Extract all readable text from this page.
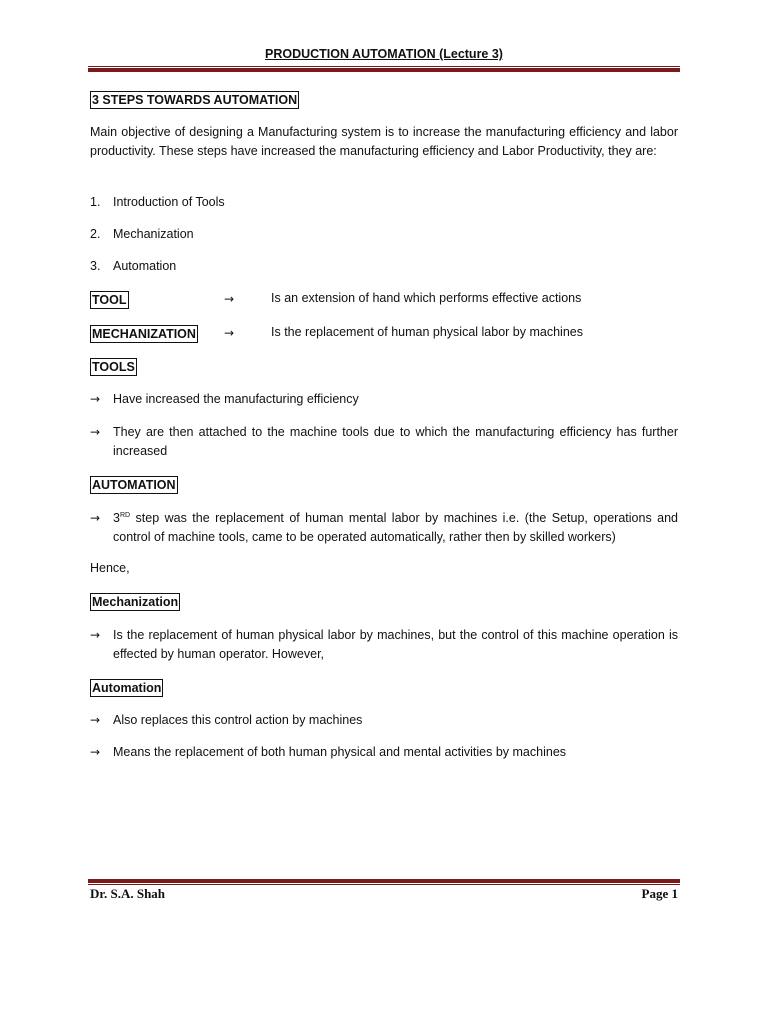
PRODUCTION AUTOMATION (Lecture 3)
3 STEPS TOWARDS AUTOMATION
Main objective of designing a Manufacturing system is to increase the manufacturing efficiency and labor productivity. These steps have increased the manufacturing efficiency and Labor Productivity, they are:
1. Introduction of Tools
2. Mechanization
3. Automation
TOOL	→	Is an extension of hand which performs effective actions
MECHANIZATION →	Is the replacement of human physical labor by machines
TOOLS
→ Have increased the manufacturing efficiency
→ They are then attached to the machine tools due to which the manufacturing efficiency has further increased
AUTOMATION
→ 3RD step was the replacement of human mental labor by machines i.e. (the Setup, operations and control of machine tools, came to be operated automatically, rather then by skilled workers)
Hence,
Mechanization
→ Is the replacement of human physical labor by machines, but the control of this machine operation is effected by human operator. However,
Automation
→ Also replaces this control action by machines
→ Means the replacement of both human physical and mental activities by machines
Dr. S.A. Shah	Page 1
